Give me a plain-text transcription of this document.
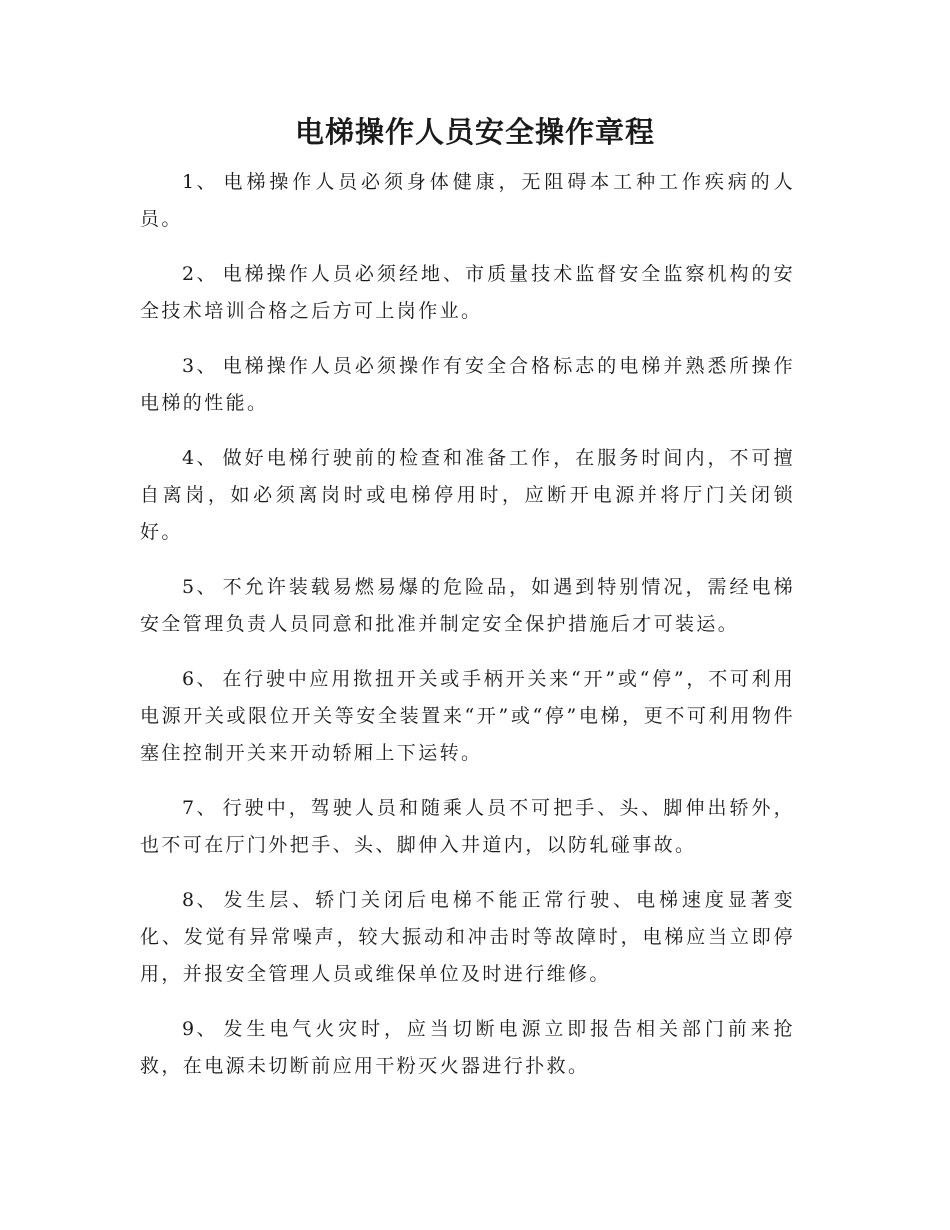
电梯操作人员安全操作章程

1、 电梯操作人员必须身体健康，无阻碍本工种工作疾病的人员。

2、 电梯操作人员必须经地、市质量技术监督安全监察机构的安全技术培训合格之后方可上岗作业。

3、 电梯操作人员必须操作有安全合格标志的电梯并熟悉所操作电梯的性能。

4、 做好电梯行驶前的检查和准备工作，在服务时间内，不可擅自离岗，如必须离岗时或电梯停用时，应断开电源并将厅门关闭锁好。

5、 不允许装载易燃易爆的危险品，如遇到特别情况，需经电梯安全管理负责人员同意和批准并制定安全保护措施后才可装运。

6、 在行驶中应用揿扭开关或手柄开关来“开”或“停”，不可利用电源开关或限位开关等安全装置来“开”或“停”电梯，更不可利用物件塞住控制开关来开动轿厢上下运转。

7、 行驶中，驾驶人员和随乘人员不可把手、头、脚伸出轿外，也不可在厅门外把手、头、脚伸入井道内，以防轧碰事故。

8、 发生层、轿门关闭后电梯不能正常行驶、电梯速度显著变化、发觉有异常噪声，较大振动和冲击时等故障时，电梯应当立即停用，并报安全管理人员或维保单位及时进行维修。

9、 发生电气火灾时，应当切断电源立即报告相关部门前来抢救，在电源未切断前应用干粉灭火器进行扑救。
